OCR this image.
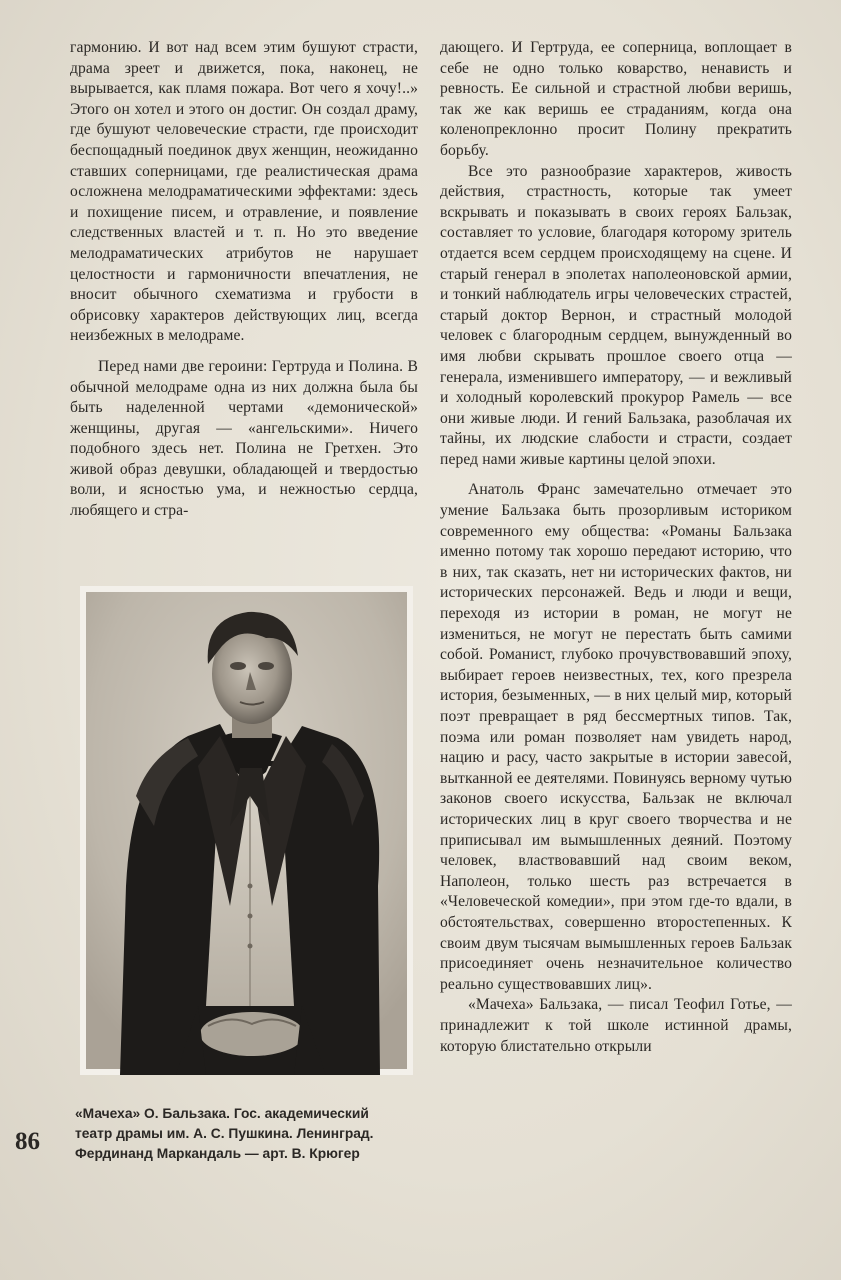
гармонию. И вот над всем этим бушуют страсти, драма зреет и движется, пока, наконец, не вырывается, как пламя пожара. Вот чего я хочу!..» Этого он хотел и этого он достиг. Он создал драму, где бушуют человеческие страсти, где происходит беспощадный поединок двух женщин, неожиданно ставших соперницами, где реалистическая драма осложнена мелодраматическими эффектами: здесь и похищение писем, и отравление, и появление следственных властей и т. п. Но это введение мелодраматических атрибутов не нарушает целостности и гармоничности впечатления, не вносит обычного схематизма и грубости в обрисовку характеров действующих лиц, всегда неизбежных в мелодраме.

Перед нами две героини: Гертруда и Полина. В обычной мелодраме одна из них должна была бы быть наделенной чертами «демонической» женщины, другая — «ангельскими». Ничего подобного здесь нет. Полина не Гретхен. Это живой образ девушки, обладающей и твердостью воли, и ясностью ума, и нежностью сердца, любящего и стра-

«Мачеха» О. Бальзака. Гос. академический
театр драмы им. А. С. Пушкина. Ленинград.
Фердинанд Маркандаль — арт. В. Крюгер
86

дающего. И Гертруда, ее соперница, воплощает в себе не одно только коварство, ненависть и ревность. Ее сильной и страстной любви веришь, так же как веришь ее страданиям, когда она коленопреклонно просит Полину прекратить борьбу.

Все это разнообразие характеров, живость действия, страстность, которые так умеет вскрывать и показывать в своих героях Бальзак, составляет то условие, благодаря которому зритель отдается всем сердцем происходящему на сцене. И старый генерал в эполетах наполеоновской армии, и тонкий наблюдатель игры человеческих страстей, старый доктор Вернон, и страстный молодой человек с благородным сердцем, вынужденный во имя любви скрывать прошлое своего отца — генерала, изменившего императору, — и вежливый и холодный королевский прокурор Рамель — все они живые люди. И гений Бальзака, разоблачая их тайны, их людские слабости и страсти, создает перед нами живые картины целой эпохи.

Анатоль Франс замечательно отмечает это умение Бальзака быть прозорливым историком современного ему общества: «Романы Бальзака именно потому так хорошо передают историю, что в них, так сказать, нет ни исторических фактов, ни исторических персонажей. Ведь и люди и вещи, переходя из истории в роман, не могут не измениться, не могут не перестать быть самими собой. Романист, глубоко прочувствовавший эпоху, выбирает героев неизвестных, тех, кого презрела история, безыменных, — в них целый мир, который поэт превращает в ряд бессмертных типов. Так, поэма или роман позволяет нам увидеть народ, нацию и расу, часто закрытые в истории завесой, вытканной ее деятелями. Повинуясь верному чутью законов своего искусства, Бальзак не включал исторических лиц в круг своего творчества и не приписывал им вымышленных деяний. Поэтому человек, властвовавший над своим веком, Наполеон, только шесть раз встречается в «Человеческой комедии», при этом где-то вдали, в обстоятельствах, совершенно второстепенных. К своим двум тысячам вымышленных героев Бальзак присоединяет очень незначительное количество реально существовавших лиц».

«Мачеха» Бальзака, — писал Теофил Готье, — принадлежит к той школе истинной драмы, которую блистательно открыли
